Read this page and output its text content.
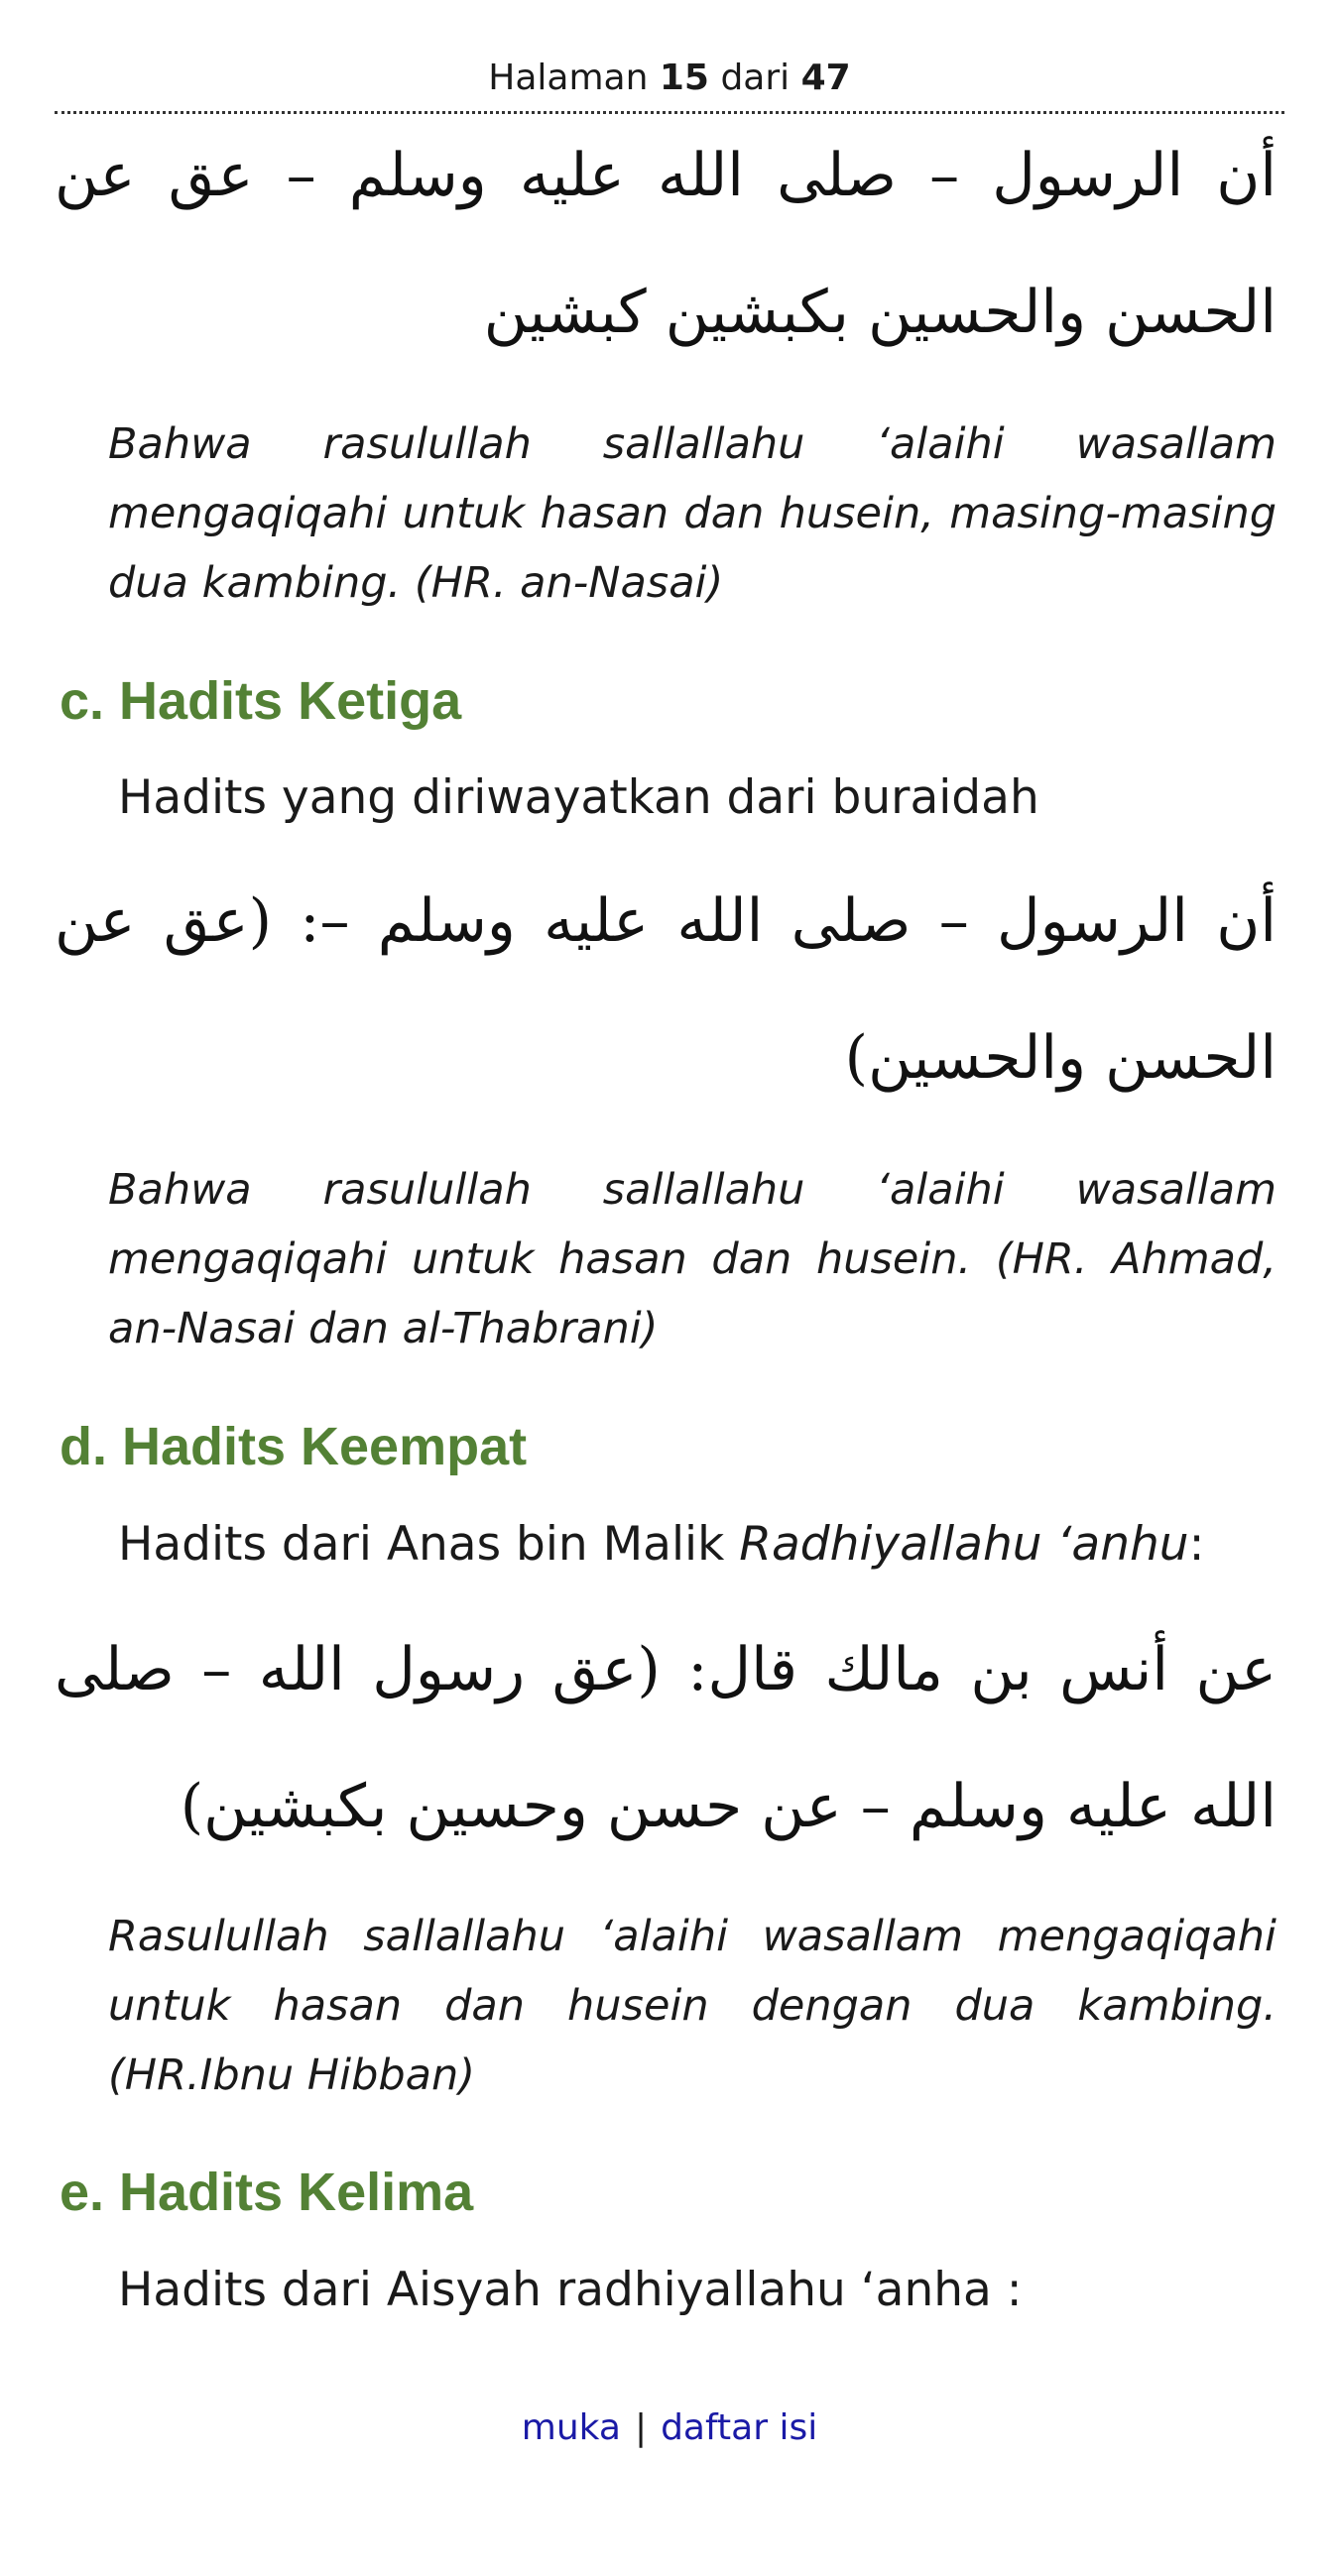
Halaman 15 dari 47
أن الرسول – صلى الله عليه وسلم – عق عن الحسن والحسين بكبشين كبشين
Bahwa rasulullah sallallahu ‘alaihi wasallam mengaqiqahi untuk hasan dan husein, masing-masing dua kambing. (HR. an-Nasai)
c. Hadits Ketiga
Hadits yang diriwayatkan dari buraidah
أن الرسول – صلى الله عليه وسلم –: (عق عن الحسن والحسين)
Bahwa rasulullah sallallahu ‘alaihi wasallam mengaqiqahi untuk hasan dan husein. (HR. Ahmad, an-Nasai dan al-Thabrani)
d. Hadits Keempat
Hadits dari Anas bin Malik Radhiyallahu ‘anhu:
عن أنس بن مالك قال: (عق رسول الله – صلى الله عليه وسلم – عن حسن وحسين بكبشين)
Rasulullah sallallahu ‘alaihi wasallam mengaqiqahi untuk hasan dan husein dengan dua kambing. (HR.Ibnu Hibban)
e. Hadits Kelima
Hadits dari Aisyah radhiyallahu ‘anha :
muka | daftar isi
